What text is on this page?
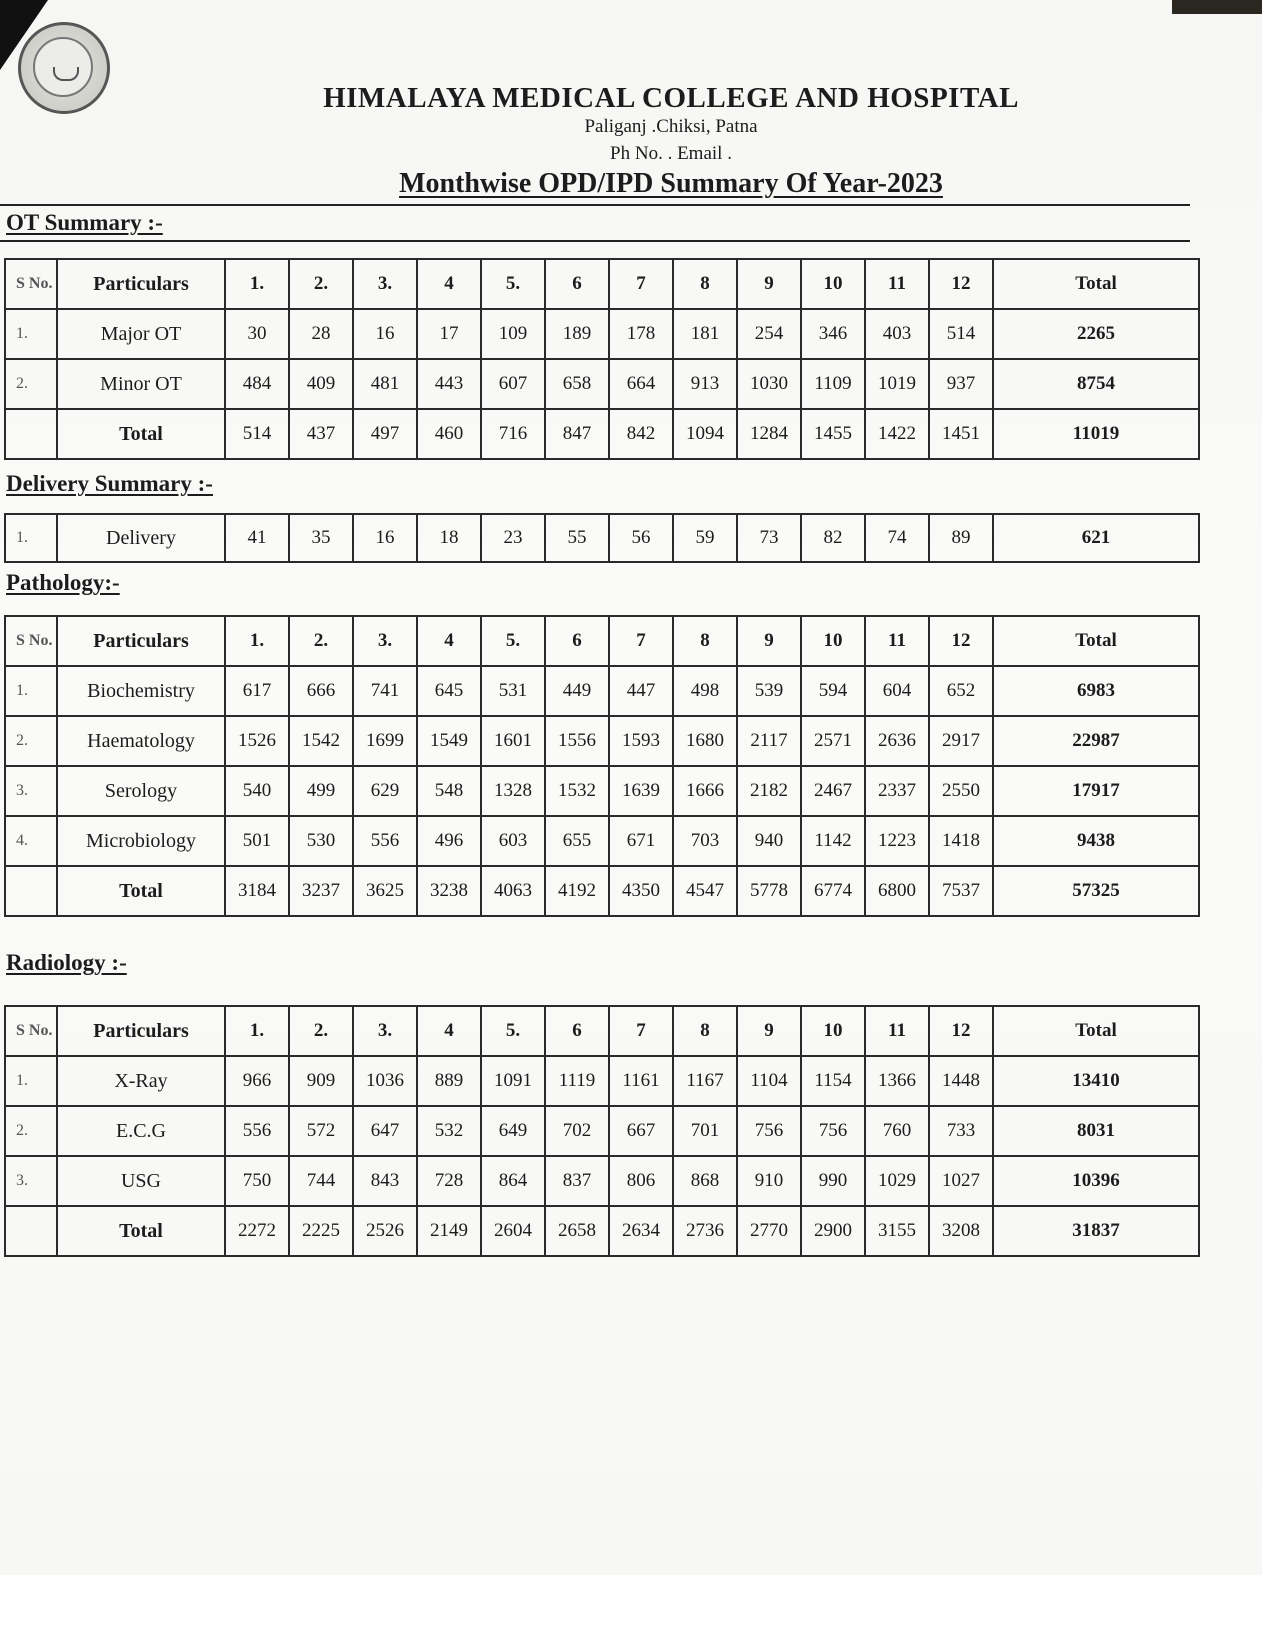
HIMALAYA MEDICAL COLLEGE AND HOSPITAL
Paliganj .Chiksi, Patna
Ph No. . Email .
Monthwise OPD/IPD Summary Of Year-2023
OT Summary :-
S No.	Particulars	1.	2.	3.	4	5.	6	7	8	9	10	11	12	Total
1.	Major OT	30	28	16	17	109	189	178	181	254	346	403	514	2265
2.	Minor OT	484	409	481	443	607	658	664	913	1030	1109	1019	937	8754
	Total	514	437	497	460	716	847	842	1094	1284	1455	1422	1451	11019
Delivery Summary :-
1.	Delivery	41	35	16	18	23	55	56	59	73	82	74	89	621
Pathology:-
S No.	Particulars	1.	2.	3.	4	5.	6	7	8	9	10	11	12	Total
1.	Biochemistry	617	666	741	645	531	449	447	498	539	594	604	652	6983
2.	Haematology	1526	1542	1699	1549	1601	1556	1593	1680	2117	2571	2636	2917	22987
3.	Serology	540	499	629	548	1328	1532	1639	1666	2182	2467	2337	2550	17917
4.	Microbiology	501	530	556	496	603	655	671	703	940	1142	1223	1418	9438
	Total	3184	3237	3625	3238	4063	4192	4350	4547	5778	6774	6800	7537	57325
Radiology :-
S No.	Particulars	1.	2.	3.	4	5.	6	7	8	9	10	11	12	Total
1.	X-Ray	966	909	1036	889	1091	1119	1161	1167	1104	1154	1366	1448	13410
2.	E.C.G	556	572	647	532	649	702	667	701	756	756	760	733	8031
3.	USG	750	744	843	728	864	837	806	868	910	990	1029	1027	10396
	Total	2272	2225	2526	2149	2604	2658	2634	2736	2770	2900	3155	3208	31837
